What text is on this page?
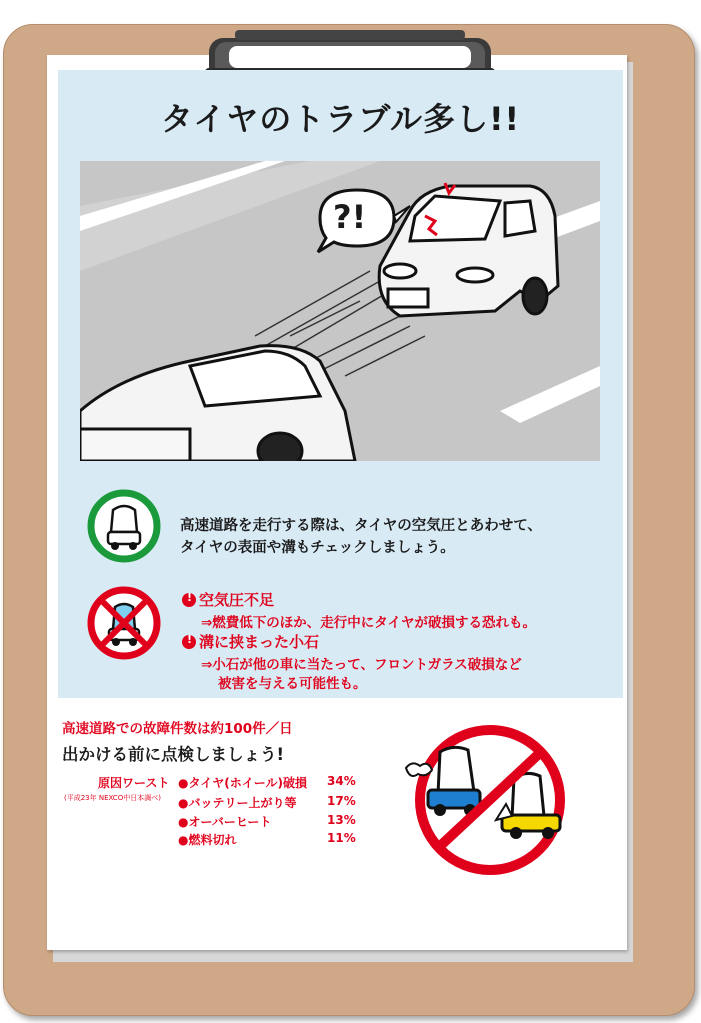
タイヤのトラブル多し!!
?!
高速道路を走行する際は、タイヤの空気圧とあわせて、
タイヤの表面や溝もチェックしましょう。
! 空気圧不足
⇒燃費低下のほか、走行中にタイヤが破損する恐れも。
! 溝に挟まった小石
⇒小石が他の車に当たって、フロントガラス破損など
被害を与える可能性も。
高速道路での故障件数は約100件／日
出かける前に点検しましょう!
原因ワースト
(平成23年 NEXCO中日本調べ)
●タイヤ(ホイール)破損 34%
●バッテリー上がり等	17%
●オーバーヒート	13%
●燃料切れ	11%
